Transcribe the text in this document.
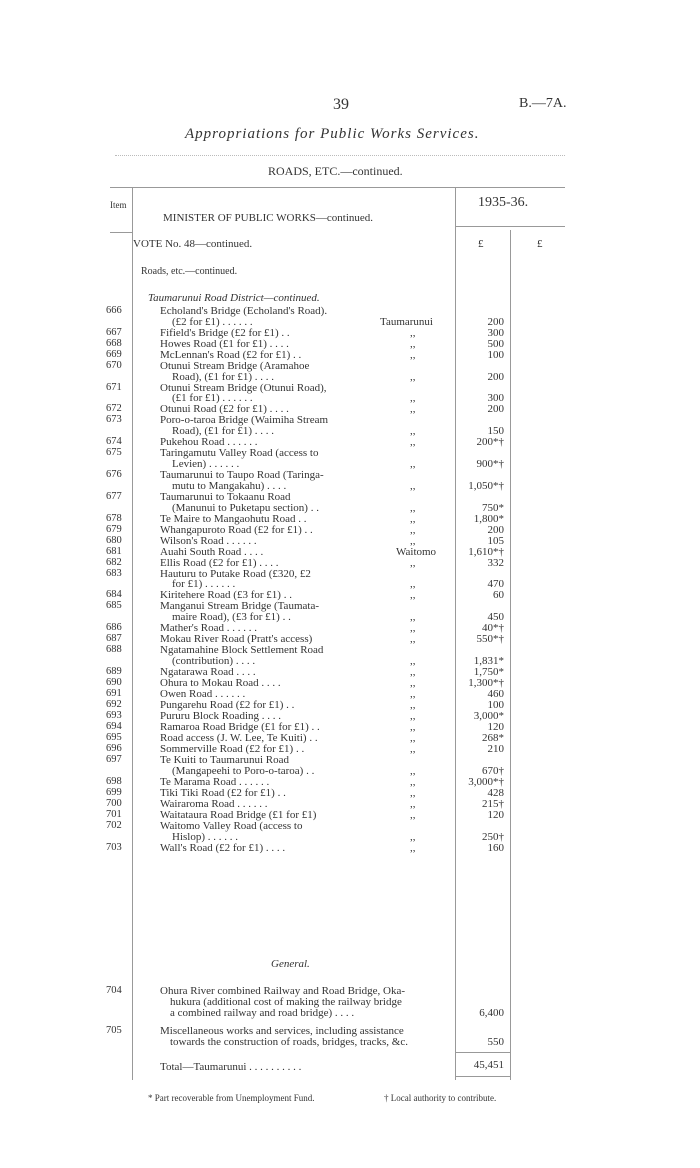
39	B.—7A.
Appropriations for Public Works Services.
ROADS, ETC.—continued.
Item	1935-36.
MINISTER OF PUBLIC WORKS—continued.
VOTE No. 48—continued.	£	£
Roads, etc.—continued.
Taumarunui Road District—continued.
666	Echoland's Bridge (Echoland's Road).
(£2 for £1) . . . . . .	Taumarunui	200
667	Fifield's Bridge (£2 for £1) . .	,,	300
668	Howes Road (£1 for £1) . . . .	,,	500
669	McLennan's Road (£2 for £1) . .	,,	100
670	Otunui Stream Bridge (Aramahoe
Road), (£1 for £1) . . . .	,,	200
671	Otunui Stream Bridge (Otunui Road),
(£1 for £1) . . . . . .	,,	300
672	Otunui Road (£2 for £1) . . . .	,,	200
673	Poro-o-taroa Bridge (Waimiha Stream
Road), (£1 for £1) . . . .	,,	150
674	Pukehou Road . . . . . .	,,	200*†
675	Taringamutu Valley Road (access to
Levien) . . . . . .	,,	900*†
676	Taumarunui to Taupo Road (Taringa-
mutu to Mangakahu) . . . .	,,	1,050*†
677	Taumarunui to Tokaanu Road
(Manunui to Puketapu section) . .	,,	750*
678	Te Maire to Mangaohutu Road . .	,,	1,800*
679	Whangapuroto Road (£2 for £1) . .	,,	200
680	Wilson's Road . . . . . .	,,	105
681	Auahi South Road . . . .	Waitomo	1,610*†
682	Ellis Road (£2 for £1) . . . .	,,	332
683	Hauturu to Putake Road (£320, £2
for £1) . . . . . .	,,	470
684	Kiritehere Road (£3 for £1) . .	,,	60
685	Manganui Stream Bridge (Taumata-
maire Road), (£3 for £1) . .	,,	450
686	Mather's Road . . . . . .	,,	40*†
687	Mokau River Road (Pratt's access)	,,	550*†
688	Ngatamahine Block Settlement Road
(contribution) . . . .	,,	1,831*
689	Ngatarawa Road . . . .	,,	1,750*
690	Ohura to Mokau Road . . . .	,,	1,300*†
691	Owen Road . . . . . .	,,	460
692	Pungarehu Road (£2 for £1) . .	,,	100
693	Pururu Block Roading . . . .	,,	3,000*
694	Ramaroa Road Bridge (£1 for £1) . .	,,	120
695	Road access (J. W. Lee, Te Kuiti) . .	,,	268*
696	Sommerville Road (£2 for £1) . .	,,	210
697	Te Kuiti to Taumarunui Road
(Mangapeehi to Poro-o-taroa) . .	,,	670†
698	Te Marama Road . . . . . .	,,	3,000*†
699	Tiki Tiki Road (£2 for £1) . .	,,	428
700	Wairaroma Road . . . . . .	,,	215†
701	Waitataura Road Bridge (£1 for £1)	,,	120
702	Waitomo Valley Road (access to
Hislop) . . . . . .	,,	250†
703	Wall's Road (£2 for £1) . . . .	,,	160
General.
704	Ohura River combined Railway and Road Bridge, Oka-
hukura (additional cost of making the railway bridge
a combined railway and road bridge) . . . .	6,400
705	Miscellaneous works and services, including assistance
towards the construction of roads, bridges, tracks, &c.	550
Total—Taumarunui . . . . . . . . . .	45,451
* Part recoverable from Unemployment Fund.	† Local authority to contribute.
